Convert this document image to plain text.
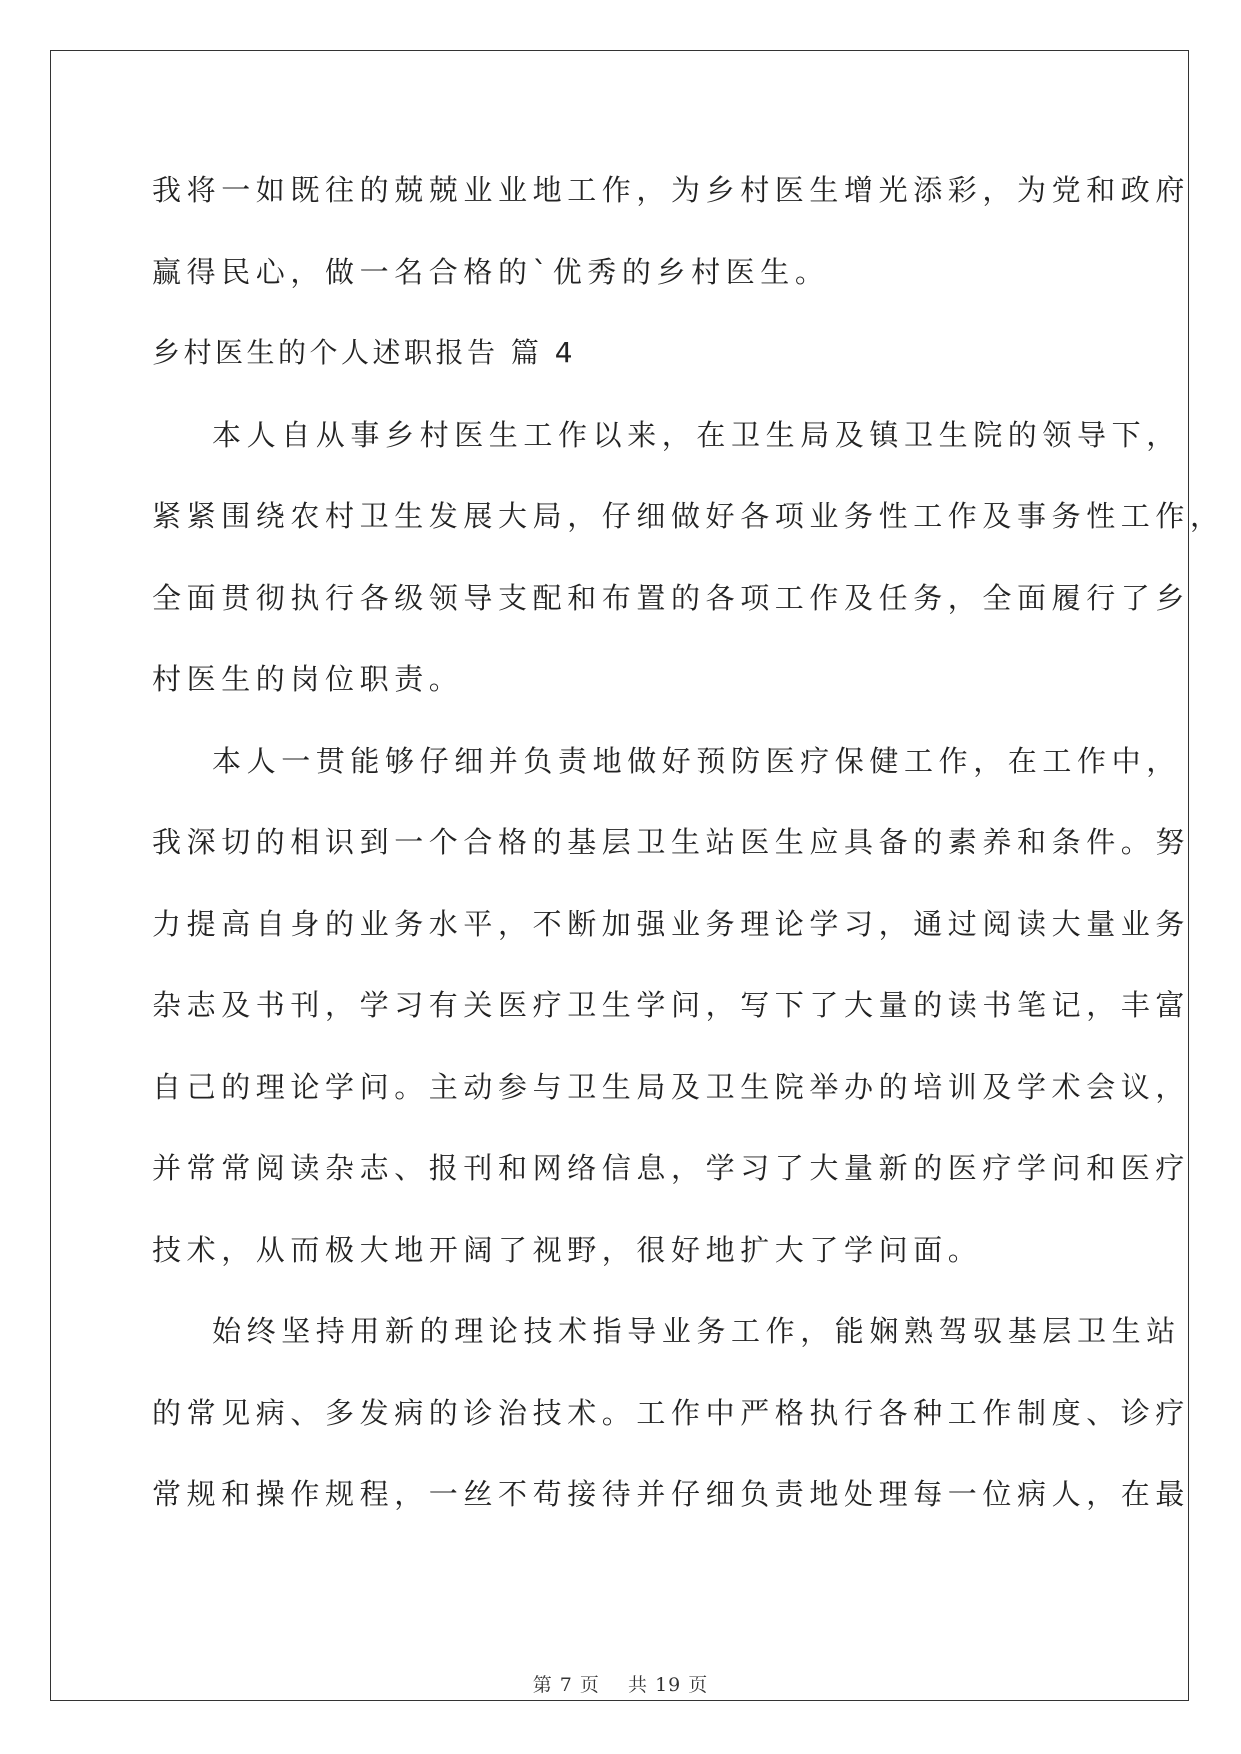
我将一如既往的兢兢业业地工作，为乡村医生增光添彩，为党和政府
赢得民心，做一名合格的`优秀的乡村医生。
乡村医生的个人述职报告 篇 4
本人自从事乡村医生工作以来，在卫生局及镇卫生院的领导下，
紧紧围绕农村卫生发展大局，仔细做好各项业务性工作及事务性工作，
全面贯彻执行各级领导支配和布置的各项工作及任务，全面履行了乡
村医生的岗位职责。
本人一贯能够仔细并负责地做好预防医疗保健工作，在工作中，
我深切的相识到一个合格的基层卫生站医生应具备的素养和条件。努
力提高自身的业务水平，不断加强业务理论学习，通过阅读大量业务
杂志及书刊，学习有关医疗卫生学问，写下了大量的读书笔记，丰富
自己的理论学问。主动参与卫生局及卫生院举办的培训及学术会议，
并常常阅读杂志、报刊和网络信息，学习了大量新的医疗学问和医疗
技术，从而极大地开阔了视野，很好地扩大了学问面。
始终坚持用新的理论技术指导业务工作，能娴熟驾驭基层卫生站
的常见病、多发病的诊治技术。工作中严格执行各种工作制度、诊疗
常规和操作规程，一丝不苟接待并仔细负责地处理每一位病人，在最
第 7 页    共 19 页
